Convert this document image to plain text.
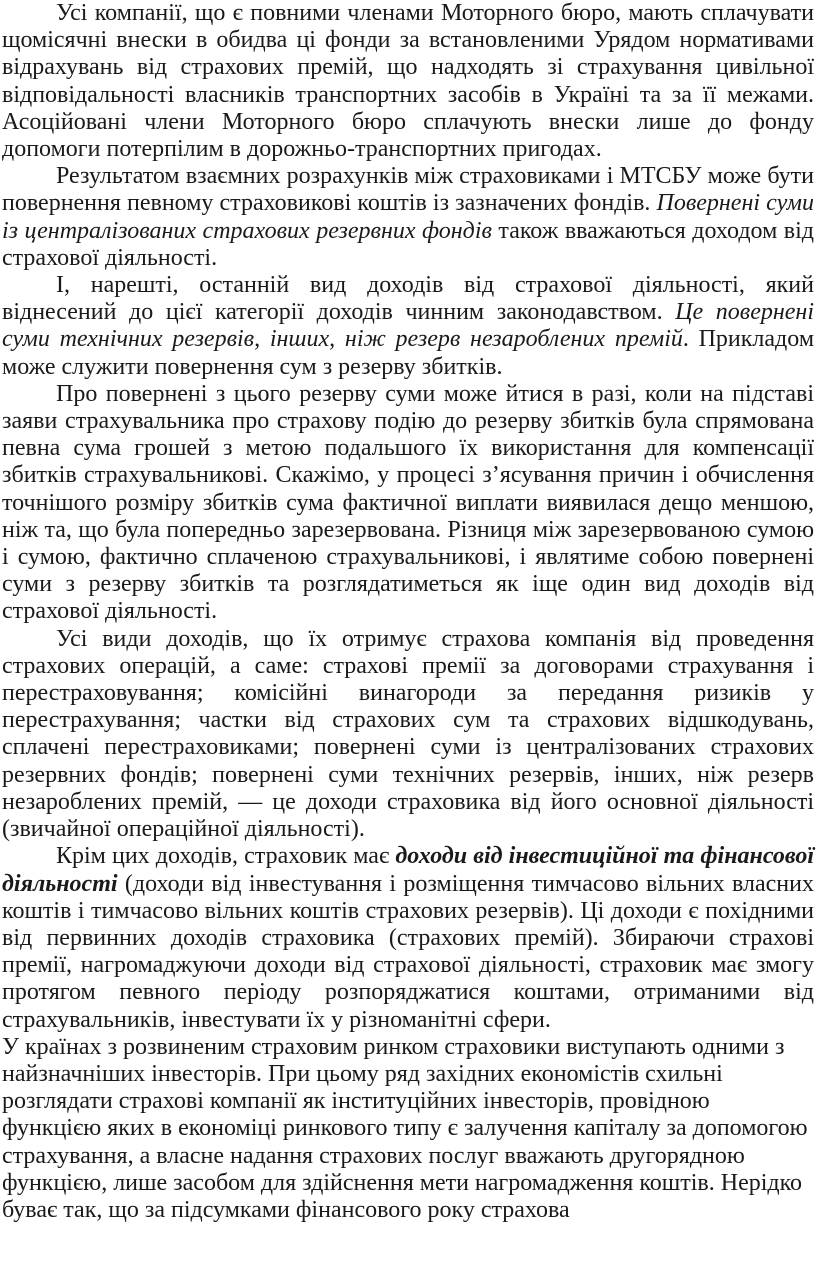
Усі компанії, що є повними членами Моторного бюро, мають сплачувати щомісячні внески в обидва ці фонди за встановленими Урядом нормативами відрахувань від страхових премій, що надходять зі страхування цивільної відповідальності власників транспортних засобів в Україні та за її межами. Асоційовані члени Моторного бюро сплачують внески лише до фонду допомоги потерпілим в дорожньо-транспортних пригодах.

Результатом взаємних розрахунків між страховиками і МТСБУ може бути повернення певному страховикові коштів із зазначених фондів. Повернені суми із централізованих страхових резервних фондів також вважаються доходом від страхової діяльності.

І, нарешті, останній вид доходів від страхової діяльності, який віднесений до цієї категорії доходів чинним законодавством. Це повернені суми технічних резервів, інших, ніж резерв незароблених премій. Прикладом може служити повернення сум з резерву збитків.

Про повернені з цього резерву суми може йтися в разі, коли на підставі заяви страхувальника про страхову подію до резерву збитків була спрямована певна сума грошей з метою подальшого їх використання для компенсації збитків страхувальникові. Скажімо, у процесі з’ясування причин і обчислення точнішого розміру збитків сума фактичної виплати виявилася дещо меншою, ніж та, що була попередньо зарезервована. Різниця між зарезервованою сумою і сумою, фактично сплаченою страхувальникові, і являтиме собою повернені суми з резерву збитків та розглядатиметься як іще один вид доходів від страхової діяльності.

Усі види доходів, що їх отримує страхова компанія від проведення страхових операцій, а саме: страхові премії за договорами страхування і перестраховування; комісійні винагороди за передання ризиків у перестрахування; частки від страхових сум та страхових відшкодувань, сплачені перестраховиками; повернені суми із централізованих страхових резервних фондів; повернені суми технічних резервів, інших, ніж резерв незароблених премій, — це доходи страховика від його основної діяльності (звичайної операційної діяльності).

Крім цих доходів, страховик має доходи від інвестиційної та фінансової діяльності (доходи від інвестування і розміщення тимчасово вільних власних коштів і тимчасово вільних коштів страхових резервів). Ці доходи є похідними від первинних доходів страховика (страхових премій). Збираючи страхові премії, нагромаджуючи доходи від страхової діяльності, страховик має змогу протягом певного періоду розпоряджатися коштами, отриманими від страхувальників, інвестувати їх у різноманітні сфери.

У країнах з розвиненим страховим ринком страховики виступають одними з найзначніших інвесторів. При цьому ряд західних економістів схильні розглядати страхові компанії як інституційних інвесторів, провідною функцією яких в економіці ринкового типу є залучення капіталу за допомогою страхування, а власне надання страхових послуг вважають другорядною функцією, лише засобом для здійснення мети нагромадження коштів. Нерідко буває так, що за підсумками фінансового року страхова
